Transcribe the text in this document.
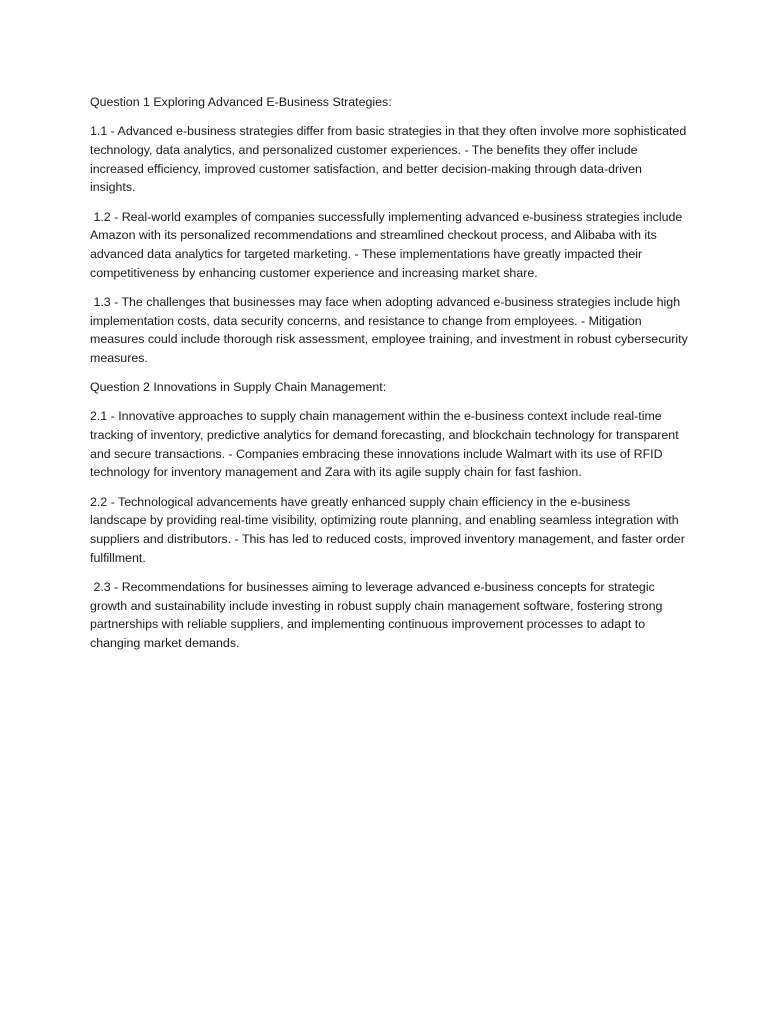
Question 1 Exploring Advanced E-Business Strategies:

1.1 - Advanced e-business strategies differ from basic strategies in that they often involve more sophisticated technology, data analytics, and personalized customer experiences. - The benefits they offer include increased efficiency, improved customer satisfaction, and better decision-making through data-driven insights.

1.2 - Real-world examples of companies successfully implementing advanced e-business strategies include Amazon with its personalized recommendations and streamlined checkout process, and Alibaba with its advanced data analytics for targeted marketing. - These implementations have greatly impacted their competitiveness by enhancing customer experience and increasing market share.

1.3 - The challenges that businesses may face when adopting advanced e-business strategies include high implementation costs, data security concerns, and resistance to change from employees. - Mitigation measures could include thorough risk assessment, employee training, and investment in robust cybersecurity measures.

Question 2 Innovations in Supply Chain Management:

2.1 - Innovative approaches to supply chain management within the e-business context include real-time tracking of inventory, predictive analytics for demand forecasting, and blockchain technology for transparent and secure transactions. - Companies embracing these innovations include Walmart with its use of RFID technology for inventory management and Zara with its agile supply chain for fast fashion.

2.2 - Technological advancements have greatly enhanced supply chain efficiency in the e-business landscape by providing real-time visibility, optimizing route planning, and enabling seamless integration with suppliers and distributors. - This has led to reduced costs, improved inventory management, and faster order fulfillment.

2.3 - Recommendations for businesses aiming to leverage advanced e-business concepts for strategic growth and sustainability include investing in robust supply chain management software, fostering strong partnerships with reliable suppliers, and implementing continuous improvement processes to adapt to changing market demands.
